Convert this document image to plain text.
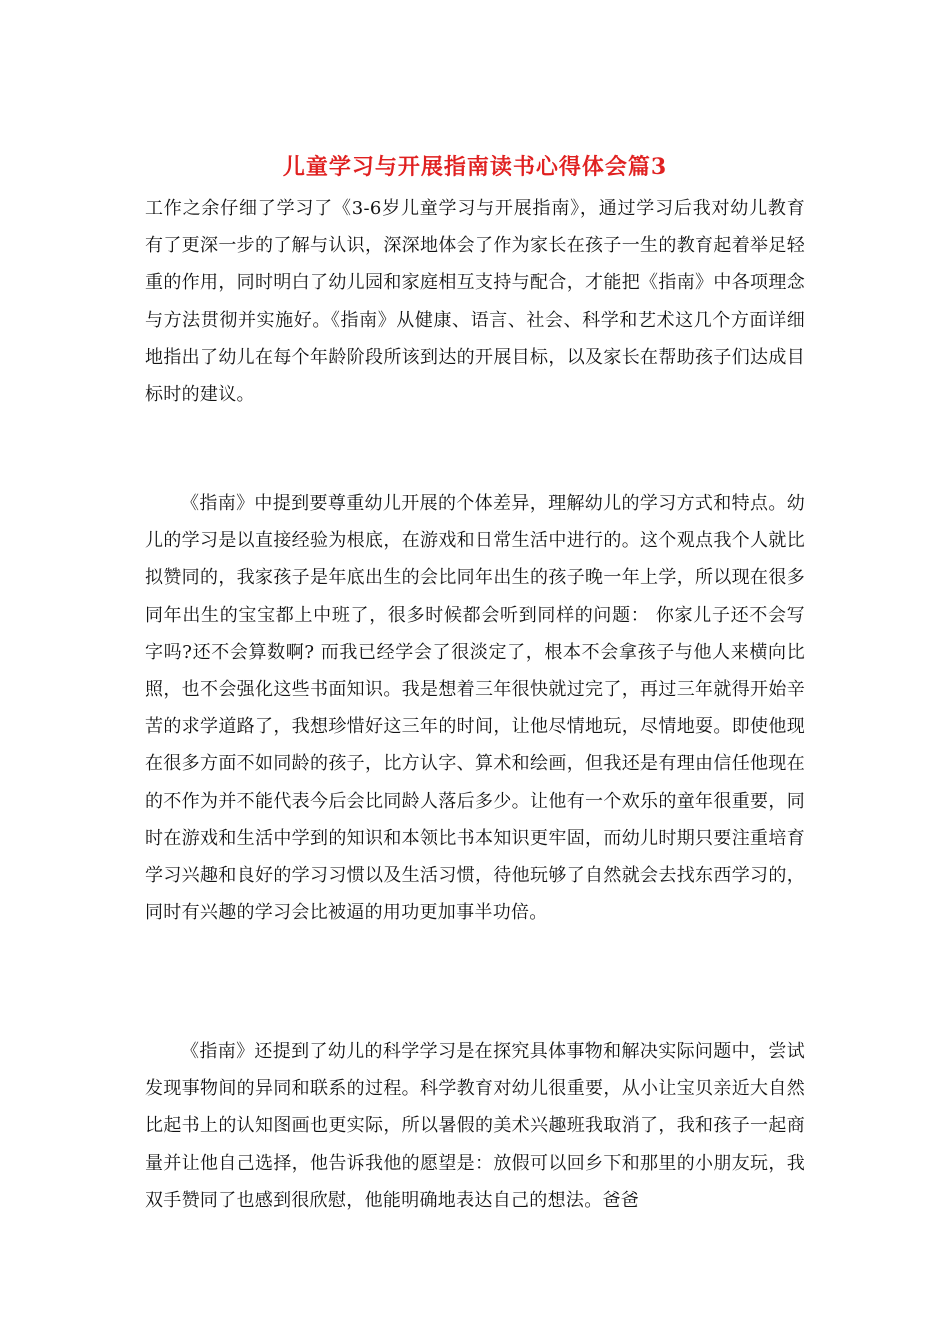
儿童学习与开展指南读书心得体会篇3

工作之余仔细了学习了《3-6岁儿童学习与开展指南》，通过学习后我对幼儿教育有了更深一步的了解与认识，深深地体会了作为家长在孩子一生的教育起着举足轻重的作用，同时明白了幼儿园和家庭相互支持与配合，才能把《指南》中各项理念与方法贯彻并实施好。《指南》从健康、语言、社会、科学和艺术这几个方面详细地指出了幼儿在每个年龄阶段所该到达的开展目标，以及家长在帮助孩子们达成目标时的建议。

《指南》中提到要尊重幼儿开展的个体差异，理解幼儿的学习方式和特点。幼儿的学习是以直接经验为根底，在游戏和日常生活中进行的。这个观点我个人就比拟赞同的，我家孩子是年底出生的会比同年出生的孩子晚一年上学，所以现在很多同年出生的宝宝都上中班了，很多时候都会听到同样的问题： 你家儿子还不会写字吗?还不会算数啊? 而我已经学会了很淡定了，根本不会拿孩子与他人来横向比照，也不会强化这些书面知识。我是想着三年很快就过完了，再过三年就得开始辛苦的求学道路了，我想珍惜好这三年的时间，让他尽情地玩，尽情地耍。即使他现在很多方面不如同龄的孩子，比方认字、算术和绘画，但我还是有理由信任他现在的不作为并不能代表今后会比同龄人落后多少。让他有一个欢乐的童年很重要，同时在游戏和生活中学到的知识和本领比书本知识更牢固，而幼儿时期只要注重培育学习兴趣和良好的学习习惯以及生活习惯，待他玩够了自然就会去找东西学习的，同时有兴趣的学习会比被逼的用功更加事半功倍。

《指南》还提到了幼儿的科学学习是在探究具体事物和解决实际问题中，尝试发现事物间的异同和联系的过程。科学教育对幼儿很重要，从小让宝贝亲近大自然比起书上的认知图画也更实际，所以暑假的美术兴趣班我取消了，我和孩子一起商量并让他自己选择，他告诉我他的愿望是：放假可以回乡下和那里的小朋友玩，我双手赞同了也感到很欣慰，他能明确地表达自己的想法。爸爸
